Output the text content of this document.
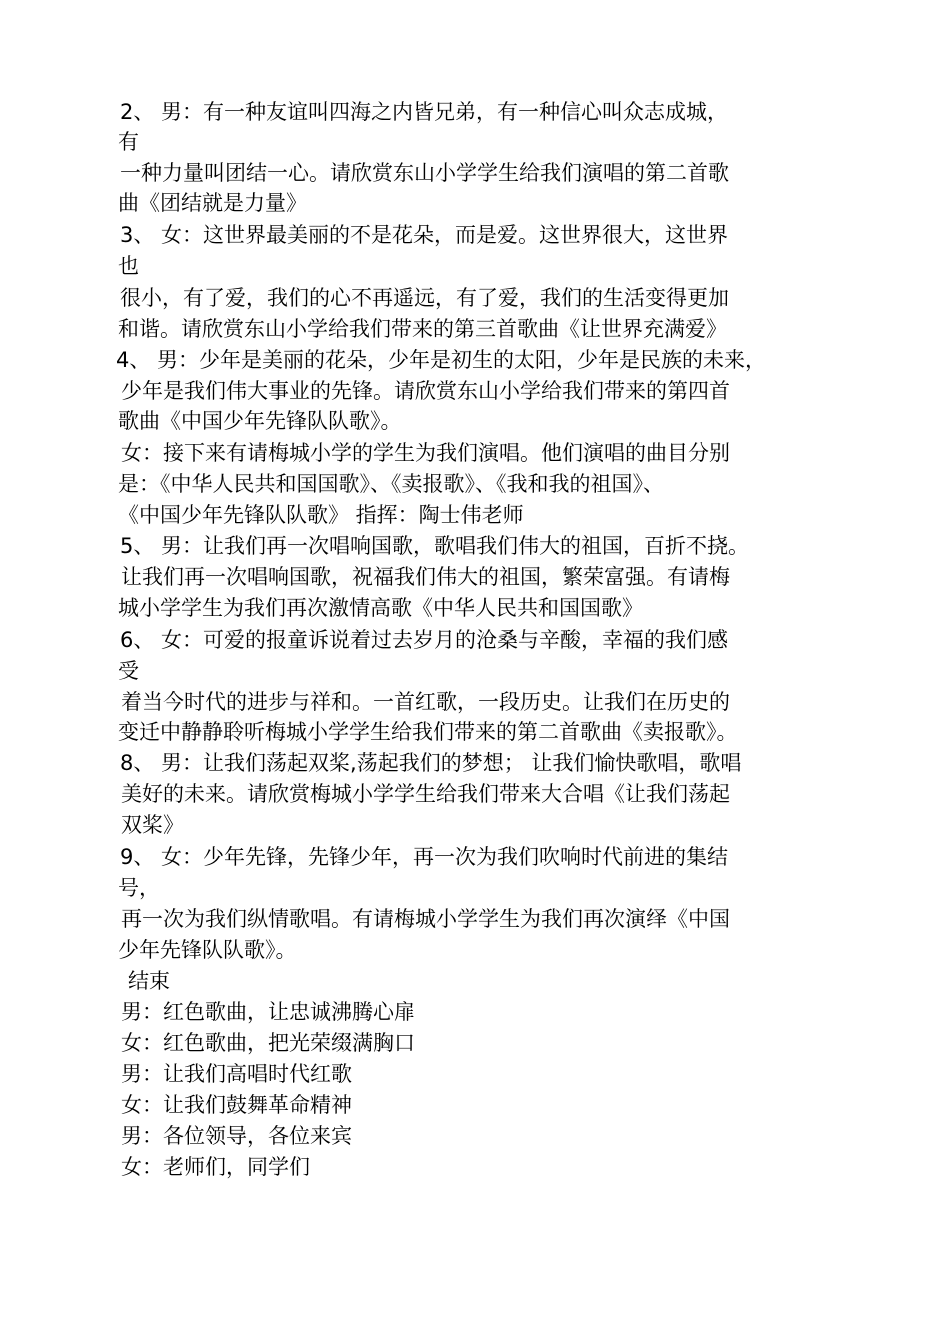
2、 男：有一种友谊叫四海之内皆兄弟，有一种信心叫众志成城，
有
一种力量叫团结一心。请欣赏东山小学学生给我们演唱的第二首歌
曲《团结就是力量》
3、 女：这世界最美丽的不是花朵，而是爱。这世界很大，这世界
也
很小，有了爱，我们的心不再遥远，有了爱，我们的生活变得更加
和谐。请欣赏东山小学给我们带来的第三首歌曲《让世界充满爱》
4、 男：少年是美丽的花朵，少年是初生的太阳，少年是民族的未来，
少年是我们伟大事业的先锋。请欣赏东山小学给我们带来的第四首
歌曲《中国少年先锋队队歌》。
女：接下来有请梅城小学的学生为我们演唱。他们演唱的曲目分别
是：《中华人民共和国国歌》、《卖报歌》、《我和我的祖国》、
《中国少年先锋队队歌》 指挥：陶士伟老师
5、 男：让我们再一次唱响国歌，歌唱我们伟大的祖国，百折不挠。
让我们再一次唱响国歌，祝福我们伟大的祖国，繁荣富强。有请梅
城小学学生为我们再次激情高歌《中华人民共和国国歌》
6、 女：可爱的报童诉说着过去岁月的沧桑与辛酸，幸福的我们感
受
着当今时代的进步与祥和。一首红歌，一段历史。让我们在历史的
变迁中静静聆听梅城小学学生给我们带来的第二首歌曲《卖报歌》。
8、 男：让我们荡起双桨,荡起我们的梦想； 让我们愉快歌唱，歌唱
美好的未来。请欣赏梅城小学学生给我们带来大合唱《让我们荡起
双桨》
9、 女：少年先锋，先锋少年，再一次为我们吹响时代前进的集结
号，
再一次为我们纵情歌唱。有请梅城小学学生为我们再次演绎《中国
少年先锋队队歌》。
结束
男：红色歌曲，让忠诚沸腾心扉
女：红色歌曲，把光荣缀满胸口
男：让我们高唱时代红歌
女：让我们鼓舞革命精神
男：各位领导，各位来宾
女：老师们，同学们
